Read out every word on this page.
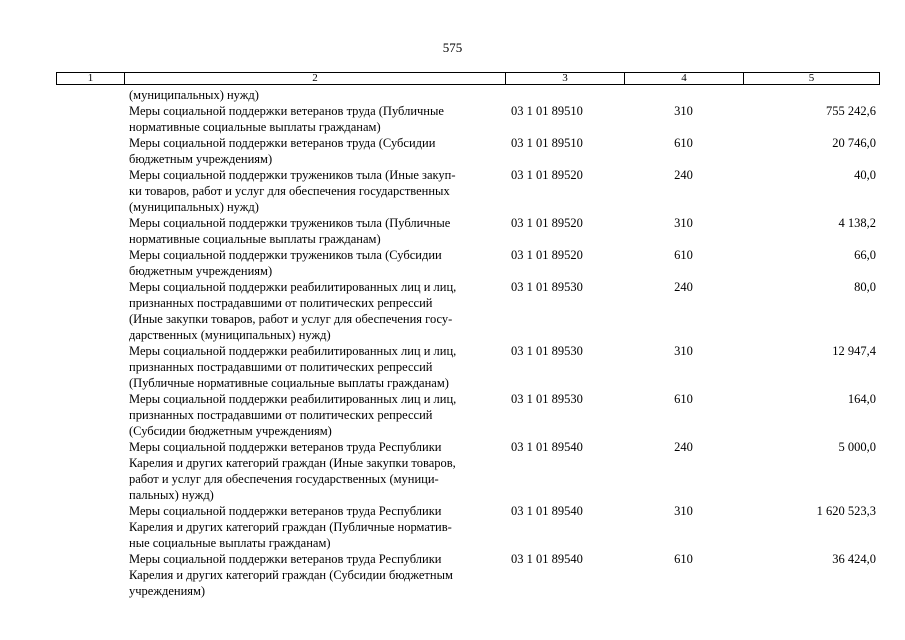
575
1	2	3	4	5
(муниципальных) нужд)
Меры социальной поддержки ветеранов труда (Публичные
нормативные социальные выплаты гражданам)
03 1 01 89510	310	755 242,6
Меры социальной поддержки ветеранов труда (Субсидии
бюджетным учреждениям)
03 1 01 89510	610	20 746,0
Меры социальной поддержки тружеников тыла (Иные закуп-
ки товаров, работ и услуг для обеспечения государственных
(муниципальных) нужд)
03 1 01 89520	240	40,0
Меры социальной поддержки тружеников тыла (Публичные
нормативные социальные выплаты гражданам)
03 1 01 89520	310	4 138,2
Меры социальной поддержки тружеников тыла (Субсидии
бюджетным учреждениям)
03 1 01 89520	610	66,0
Меры социальной поддержки реабилитированных лиц и лиц,
признанных пострадавшими от политических репрессий
(Иные закупки товаров, работ и услуг для обеспечения госу-
дарственных (муниципальных) нужд)
03 1 01 89530	240	80,0
Меры социальной поддержки реабилитированных лиц и лиц,
признанных пострадавшими от политических репрессий
(Публичные нормативные социальные выплаты гражданам)
03 1 01 89530	310	12 947,4
Меры социальной поддержки реабилитированных лиц и лиц,
признанных пострадавшими от политических репрессий
(Субсидии бюджетным учреждениям)
03 1 01 89530	610	164,0
Меры социальной поддержки ветеранов труда Республики
Карелия и других категорий граждан (Иные закупки товаров,
работ и услуг для обеспечения государственных (муници-
пальных) нужд)
03 1 01 89540	240	5 000,0
Меры социальной поддержки ветеранов труда Республики
Карелия и других категорий граждан (Публичные норматив-
ные социальные выплаты гражданам)
03 1 01 89540	310	1 620 523,3
Меры социальной поддержки ветеранов труда Республики
Карелия и других категорий граждан (Субсидии бюджетным
учреждениям)
03 1 01 89540	610	36 424,0
